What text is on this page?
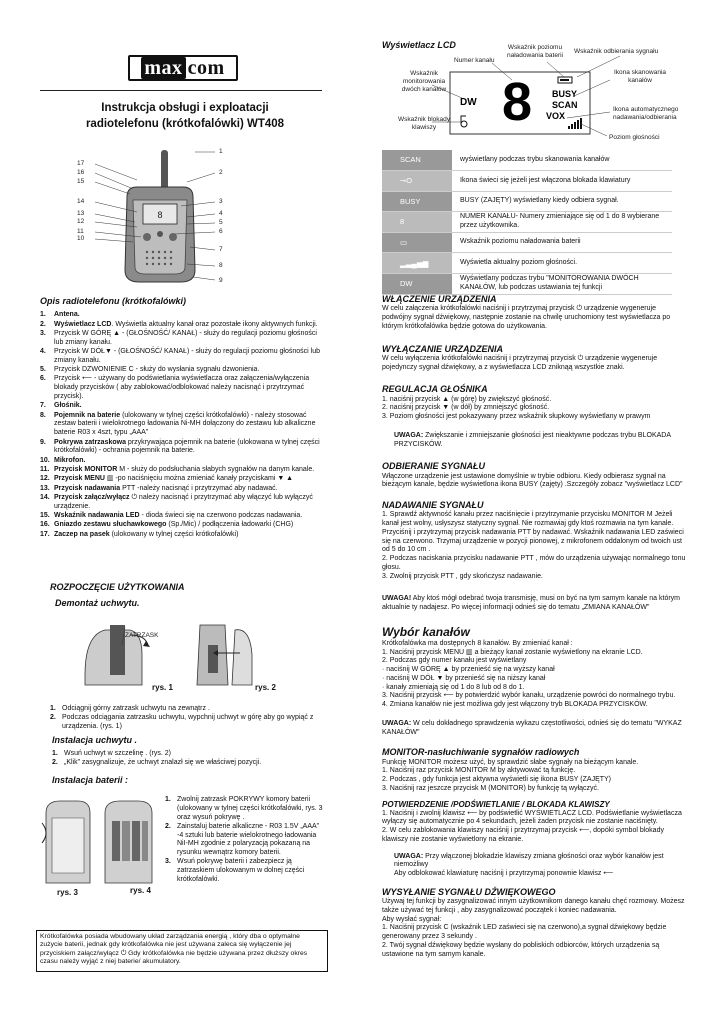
max com
Instrukcja obsługi i exploatacji
radiotelefonu (krótkofalówki) WT408
8
1
2
3
4
5
6
7
8
9
17
16
15
14
13
12
11
10
Opis radiotelefonu (krótkofalówki)

1.	Antena.

2.	Wyświetlacz LCD. Wyświetla aktualny kanał oraz pozostałe ikony aktywnych funkcji.

3.	Przycisk W GÓRĘ ▲ - (GŁOŚNOŚĆ/ KANAŁ) - służy do regulacji poziomu głośności lub zmiany kanału.

4.	Przycisk W DÓŁ▼ - (GŁOŚNOŚĆ/ KANAŁ) - służy do regulacji poziomu głośności lub zmiany kanału.

5.	Przycisk DZWONIENIE C - służy do wysłania sygnału dzwonienia.

6.	Przycisk ⟵ - używany do podświetlania wyświetlacza oraz załączenia/wyłączenia blokady przycisków ( aby zablokować/odblokować należy nacisnąć i przytrzymać przycisk).

7.	Głośnik.

8.	Pojemnik na baterie (ulokowany w tylnej części krótkofalówki) - należy stosować zestaw baterii i wielokrotnego ładowania Ni-MH dołączony do zestawu lub alkaliczne baterie R03 x 4szt, typu „AAA”

9.	Pokrywa zatrzaskowa przykrywająca pojemnik na baterie (ulokowana w tylnej części krótkofalówki) - ochrania pojemnik na baterie.

10. Mikrofon.

11. Przycisk MONITOR M - służy do podsłuchania słabych sygnałów na danym kanale.

12. Przycisk MENU ▥ -po naciśnięciu można zmieniać kanały przyciskami ▼ ▲

13. Przycisk nadawania PTT -należy nacisnąć i przytrzymać aby nadawać.

14. Przycisk załącz/wyłącz ⏻ należy nacisnąć i przytrzymać aby włączyć lub wyłączyć urządzenie.

15. Wskaźnik nadawania LED - dioda świeci się na czerwono podczas nadawania.

16. Gniazdo zestawu słuchawkowego (Sp./Mic) / podłączenia ładowarki (CHG)

17. Zaczep na pasek (ulokowany w tylnej części krótkofalówki)

ROZPOCZĘCIE UŻYTKOWANIA
Demontaż uchwytu.
ZATRZASK
rys. 1	rys. 2

1. Odciągnij górny zatrzask uchwytu na zewnątrz .

2. Podczas odciągania zatrzasku uchwytu, wypchnij uchwyt w górę aby go wypiąć z urządzenia. (rys. 1)

Instalacja uchwytu .

1. Wsuń uchwyt w szczelinę . (rys. 2)

2. „Klik” zasygnalizuje, że uchwyt znalazł się we właściwej pozycji.

Instalacja baterii :
rys. 3	rys. 4

1. Zwolnij zatrzask POKRYWY komory baterii (ulokowany w tylnej części krótkofalówki, rys. 3 oraz wysuń pokrywę .

2. Zainstaluj baterie alkaliczne - R03 1.5V „AAA” -4 sztuki lub baterie wielokrotnego ładowania NiI-MH zgodnie z polaryzacją pokazaną na rysunku wewnątrz komory baterii.

3. Wsuń pokrywę baterii i zabezpiecz ją zatrzaskiem ulokowanym w dolnej części krótkofalówki.

Krótkofalówka posiada wbudowany układ zarządzania energią , który dba o optymalne zużycie baterii, jednak gdy krótkofalówka nie jest używana zaleca się wyłączenie jej przyciskiem załącz/wyłącz ⏻ Gdy krótkofalówka nie będzie używana przez dłuższy okres czasu należy wyjąć z niej baterie/ akumulatory.
Wyświetlacz LCD
DW 8 BUSY
SCAN
VOX
Numer kanału
Wskaźnik poziomu naładowania baterii
Wskaźnik odbierania sygnału
Wskaźnik monitorowania dwóch kanałów
Ikona skanowania kanałów
Wskaźnik blokady klawiszy
Ikona automatycznego nadawania/odbierania
Poziom głośności
SCAN	wyświetlany podczas trybu skanowania kanałów
⊸O	Ikona świeci się jeżeli jest włączona blokada klawiatury
BUSY	BUSY (ZAJĘTY) wyświetlany kiedy odbiera sygnał.
8	NUMER KANAŁU- Numery zmieniające się od 1 do 8 wybierane przez użytkownika.
▭	Wskaźnik poziomu naładowania baterii
▂▃▄▅▆	Wyświetla aktualny poziom głośności.
DW	Wyświetlany podczas trybu "MONITOROWANIA DWÓCH KANAŁÓW, lub podczas ustawiania tej funkcji
WŁĄCZENIE URZĄDZENIA

W celu załączenia krótkofalówki naciśnij i przytrzymaj przycisk ⏻ urządzenie wygeneruje podwójny sygnał dźwiękowy, następnie zostanie na chwilę uruchomiony test wyświetlacza po którym krótkofalówka będzie gotowa do użytkowania.

WYŁĄCZANIE URZĄDZENIA

W celu wyłączenia krótkofalówki naciśnij i przytrzymaj przycisk ⏻ urządzenie wygeneruje pojedynczy sygnał dźwiękowy, a z wyświetlacza LCD zniknąą wszystkie znaki.

REGULACJA GŁOŚNIKA

1. naciśnij przycisk ▲ (w górę) by zwiększyć głośność.

2. naciśnij przycisk ▼ (w dół) by zmniejszyć głośność.

3. Poziom głośności jest pokazywany przez wskaźnik słupkowy wyświetlany w prawym

UWAGA: Zwiększanie i zmniejszanie głośności jest nieaktywne podczas trybu BLOKADA PRZYCISKÓW.

ODBIERANIE SYGNAŁU

Włączone urządzenie jest ustawione domyślnie w trybie odbioru. Kiedy odbierasz sygnał na bieżącym kanale, będzie wyświetlona ikona BUSY (zajęty) .Szczegóły zobacz "wyświetlacz LCD"

NADAWANIE SYGNAŁU

1. Sprawdź aktywność kanału przez naciśnięcie i przytrzymanie przycisku MONITOR M Jeżeli kanał jest wolny, usłyszysz statyczny sygnał. Nie rozmawiaj gdy ktoś rozmawia na tym kanale. Przyciśnij i przytrzymaj przycisk nadawania PTT by nadawać. Wskaźnik nadawania LED zaświeci się na czerwono. Trzymaj urządzenie w pozycji pionowej, z mikrofonem oddalonym od twoich ust od 5 do 10 cm .

2. Podczas naciskania przycisku nadawanie PTT , mów do urządzenia używając normalnego tonu głosu.

3. Zwolnij przycisk PTT , gdy skończysz nadawanie.

UWAGA! Aby ktoś mógł odebrać twoja transmisję, musi on być na tym samym kanale na którym aktualnie ty nadajesz. Po więcej informacji odnieś się do tematu „ZMIANA KANAŁÓW”

Wybór kanałów

Krótkofalówka ma dostępnych 8 kanałów. By zmieniać kanał :

1. Naciśnij przycisk MENU ▥ a bieżący kanał zostanie wyświetlony na ekranie LCD.

2. Podczas gdy numer kanału jest wyświetlany

· naciśnij W GÓRĘ ▲ by przenieść się na wyższy kanał

· naciśnij W DÓŁ ▼ by przenieść się na niższy kanał

· kanały zmieniają się od 1 do 8 lub od 8 do 1.

3. Naciśnij przycisk ⟵ by potwierdzić wybór kanału, urządzenie powróci do normalnego trybu.

4. Zmiana kanałów nie jest możliwa gdy jest włączony tryb BLOKADA PRZYCISKÓW.

UWAGA: W celu dokładnego sprawdzenia wykazu częstotliwości, odnieś się do tematu "WYKAZ KANAŁÓW"

MONITOR-nasłuchiwanie sygnałów radiowych

Funkcję MONITOR możesz użyć, by sprawdzić słabe sygnały na bieżącym kanale.

1. Naciśnij raz przycisk MONITOR M by aktywować tą funkcję.

2. Podczas , gdy funkcja jest aktywna wyświetli się ikona BUSY (ZAJĘTY)

3. Naciśnij raz jeszcze przycisk M (MONITOR) by funkcję tą wyłączyć.

POTWIERDZENIE /PODŚWIETLANIE / BLOKADA KLAWISZY

1. Naciśnij i zwolnij klawisz ⟵ by podświetlić WYŚWIETLACZ LCD. Podświetlanie wyświetlacza wyłączy się automatycznie po 4 sekundach, jeżeli żaden przycisk nie zostanie naciśnięty.

2. W celu zablokowania klawiszy naciśnij i przytrzymaj przycisk ⟵, dopóki symbol blokady klawiszy nie zostanie wyświetlony na ekranie.

UWAGA: Przy włączonej blokadzie klawiszy zmiana głośności oraz wybór kanałów jest niemożliwy

Aby odblokować klawiaturę naciśnij i przytrzymaj ponownie klawisz ⟵

WYSYŁANIE SYGNAŁU DŹWIĘKOWEGO

Używaj tej funkcji by zasygnalizować innym użytkownikom danego kanału chęć rozmowy. Możesz także używać tej funkcji , aby zasygnalizować początek i koniec nadawania.

Aby wysłać sygnał:

1. Naciśnij przycisk C (wskaźnik LED zaświeci się na czerwono),a sygnał dźwiękowy będzie generowany przez 3 sekundy .

2. Twój sygnał dźwiękowy będzie wysłany do pobliskich odbiorców, których urządzenia są ustawione na tym samym kanale.
